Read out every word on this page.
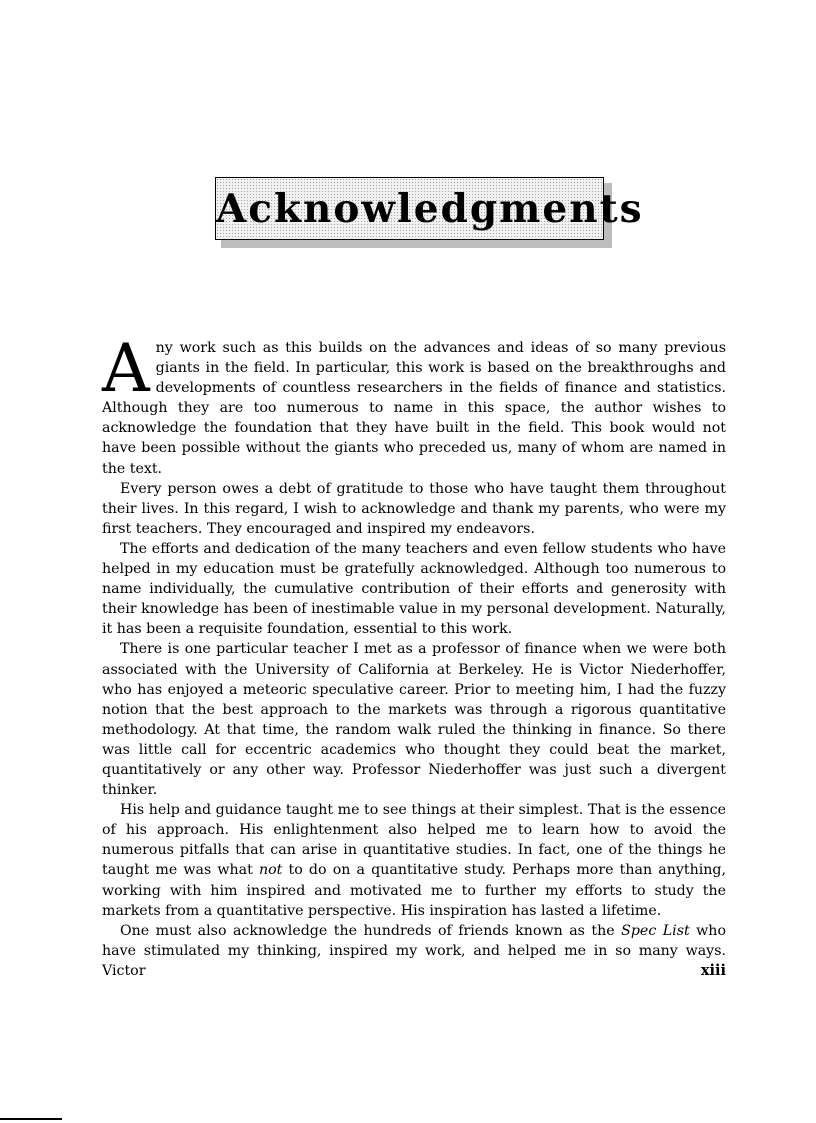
Acknowledgments

Any work such as this builds on the advances and ideas of so many previous giants in the field. In particular, this work is based on the breakthroughs and developments of countless researchers in the fields of finance and statistics. Although they are too numerous to name in this space, the author wishes to acknowledge the foundation that they have built in the field. This book would not have been possible without the giants who preceded us, many of whom are named in the text.

Every person owes a debt of gratitude to those who have taught them throughout their lives. In this regard, I wish to acknowledge and thank my parents, who were my first teachers. They encouraged and inspired my endeavors.

The efforts and dedication of the many teachers and even fellow students who have helped in my education must be gratefully acknowledged. Although too numerous to name individually, the cumulative contribution of their efforts and generosity with their knowledge has been of inestimable value in my personal development. Naturally, it has been a requisite foundation, essential to this work.

There is one particular teacher I met as a professor of finance when we were both associated with the University of California at Berkeley. He is Victor Niederhoffer, who has enjoyed a meteoric speculative career. Prior to meeting him, I had the fuzzy notion that the best approach to the markets was through a rigorous quantitative methodology. At that time, the random walk ruled the thinking in finance. So there was little call for eccentric academics who thought they could beat the market, quantitatively or any other way. Professor Niederhoffer was just such a divergent thinker.

His help and guidance taught me to see things at their simplest. That is the essence of his approach. His enlightenment also helped me to learn how to avoid the numerous pitfalls that can arise in quantitative studies. In fact, one of the things he taught me was what not to do on a quantitative study. Perhaps more than anything, working with him inspired and motivated me to further my efforts to study the markets from a quantitative perspective. His inspiration has lasted a lifetime.

One must also acknowledge the hundreds of friends known as the Spec List who have stimulated my thinking, inspired my work, and helped me in so many ways. Victor	xiii
